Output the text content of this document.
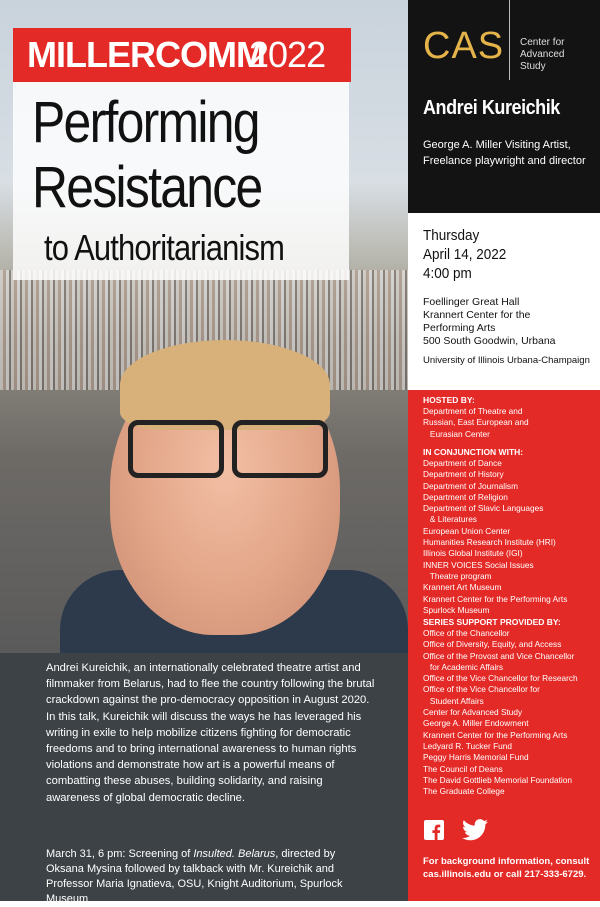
MILLERCOMM
2022
Performing
Resistance
to Authoritarianism
CAS Center for
Advanced
Study
Andrei Kureichik
George A. Miller Visiting Artist, Freelance playwright and director
Thursday
April 14, 2022
4:00 pm
Foellinger Great Hall
Krannert Center for the
Performing Arts
500 South Goodwin, Urbana
University of Illinois Urbana-Champaign
HOSTED BY:
Department of Theatre and
Russian, East European and
Eurasian Center
IN CONJUNCTION WITH:
Department of Dance
Department of History
Department of Journalism
Department of Religion
Department of Slavic Languages
& Literatures
European Union Center
Humanities Research Institute (HRI)
Illinois Global Institute (IGI)
INNER VOICES Social Issues
Theatre program
Krannert Art Museum
Krannert Center for the Performing Arts
Spurlock Museum
SERIES SUPPORT PROVIDED BY:
Office of the Chancellor
Office of Diversity, Equity, and Access
Office of the Provost and Vice Chancellor
for Academic Affairs
Office of the Vice Chancellor for Research
Office of the Vice Chancellor for
Student Affairs
Center for Advanced Study
George A. Miller Endowment
Krannert Center for the Performing Arts
Ledyard R. Tucker Fund
Peggy Harris Memorial Fund
The Council of Deans
The David Gottlieb Memorial Foundation
The Graduate College
For background information, consult
cas.illinois.edu or call 217-333-6729.
Andrei Kureichik, an internationally celebrated theatre artist and filmmaker from Belarus, had to flee the country following the brutal crackdown against the pro-democracy opposition in August 2020. In this talk, Kureichik will discuss the ways he has leveraged his writing in exile to help mobilize citizens fighting for democratic freedoms and to bring international awareness to human rights violations and demonstrate how art is a powerful means of combatting these abuses, building solidarity, and raising awareness of global democratic decline.
March 31, 6 pm: Screening of Insulted. Belarus, directed by Oksana Mysina followed by talkback with Mr. Kureichik and Professor Maria Ignatieva, OSU, Knight Auditorium, Spurlock Museum
